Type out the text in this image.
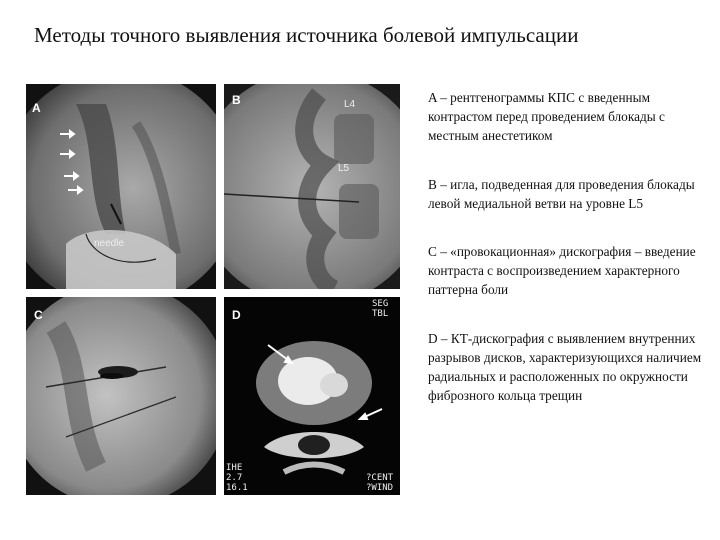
Методы точного выявления источника болевой импульсации
A
needle
B	L4
L5
C	D
SEG
TBL
IHE
2.7
16.1
?CENT
?WIND
A – рентгенограммы КПС с введенным контрастом перед проведением блокады с местным анестетиком
B – игла, подведенная для проведения блокады левой медиальной ветви на уровне L5
C – «провокационная» дискография – введение контраста с воспроизведением характерного паттерна боли
D – КТ-дискография с выявлением внутренних разрывов дисков, характеризующихся наличием радиальных и расположенных по окружности фиброзного кольца трещин
